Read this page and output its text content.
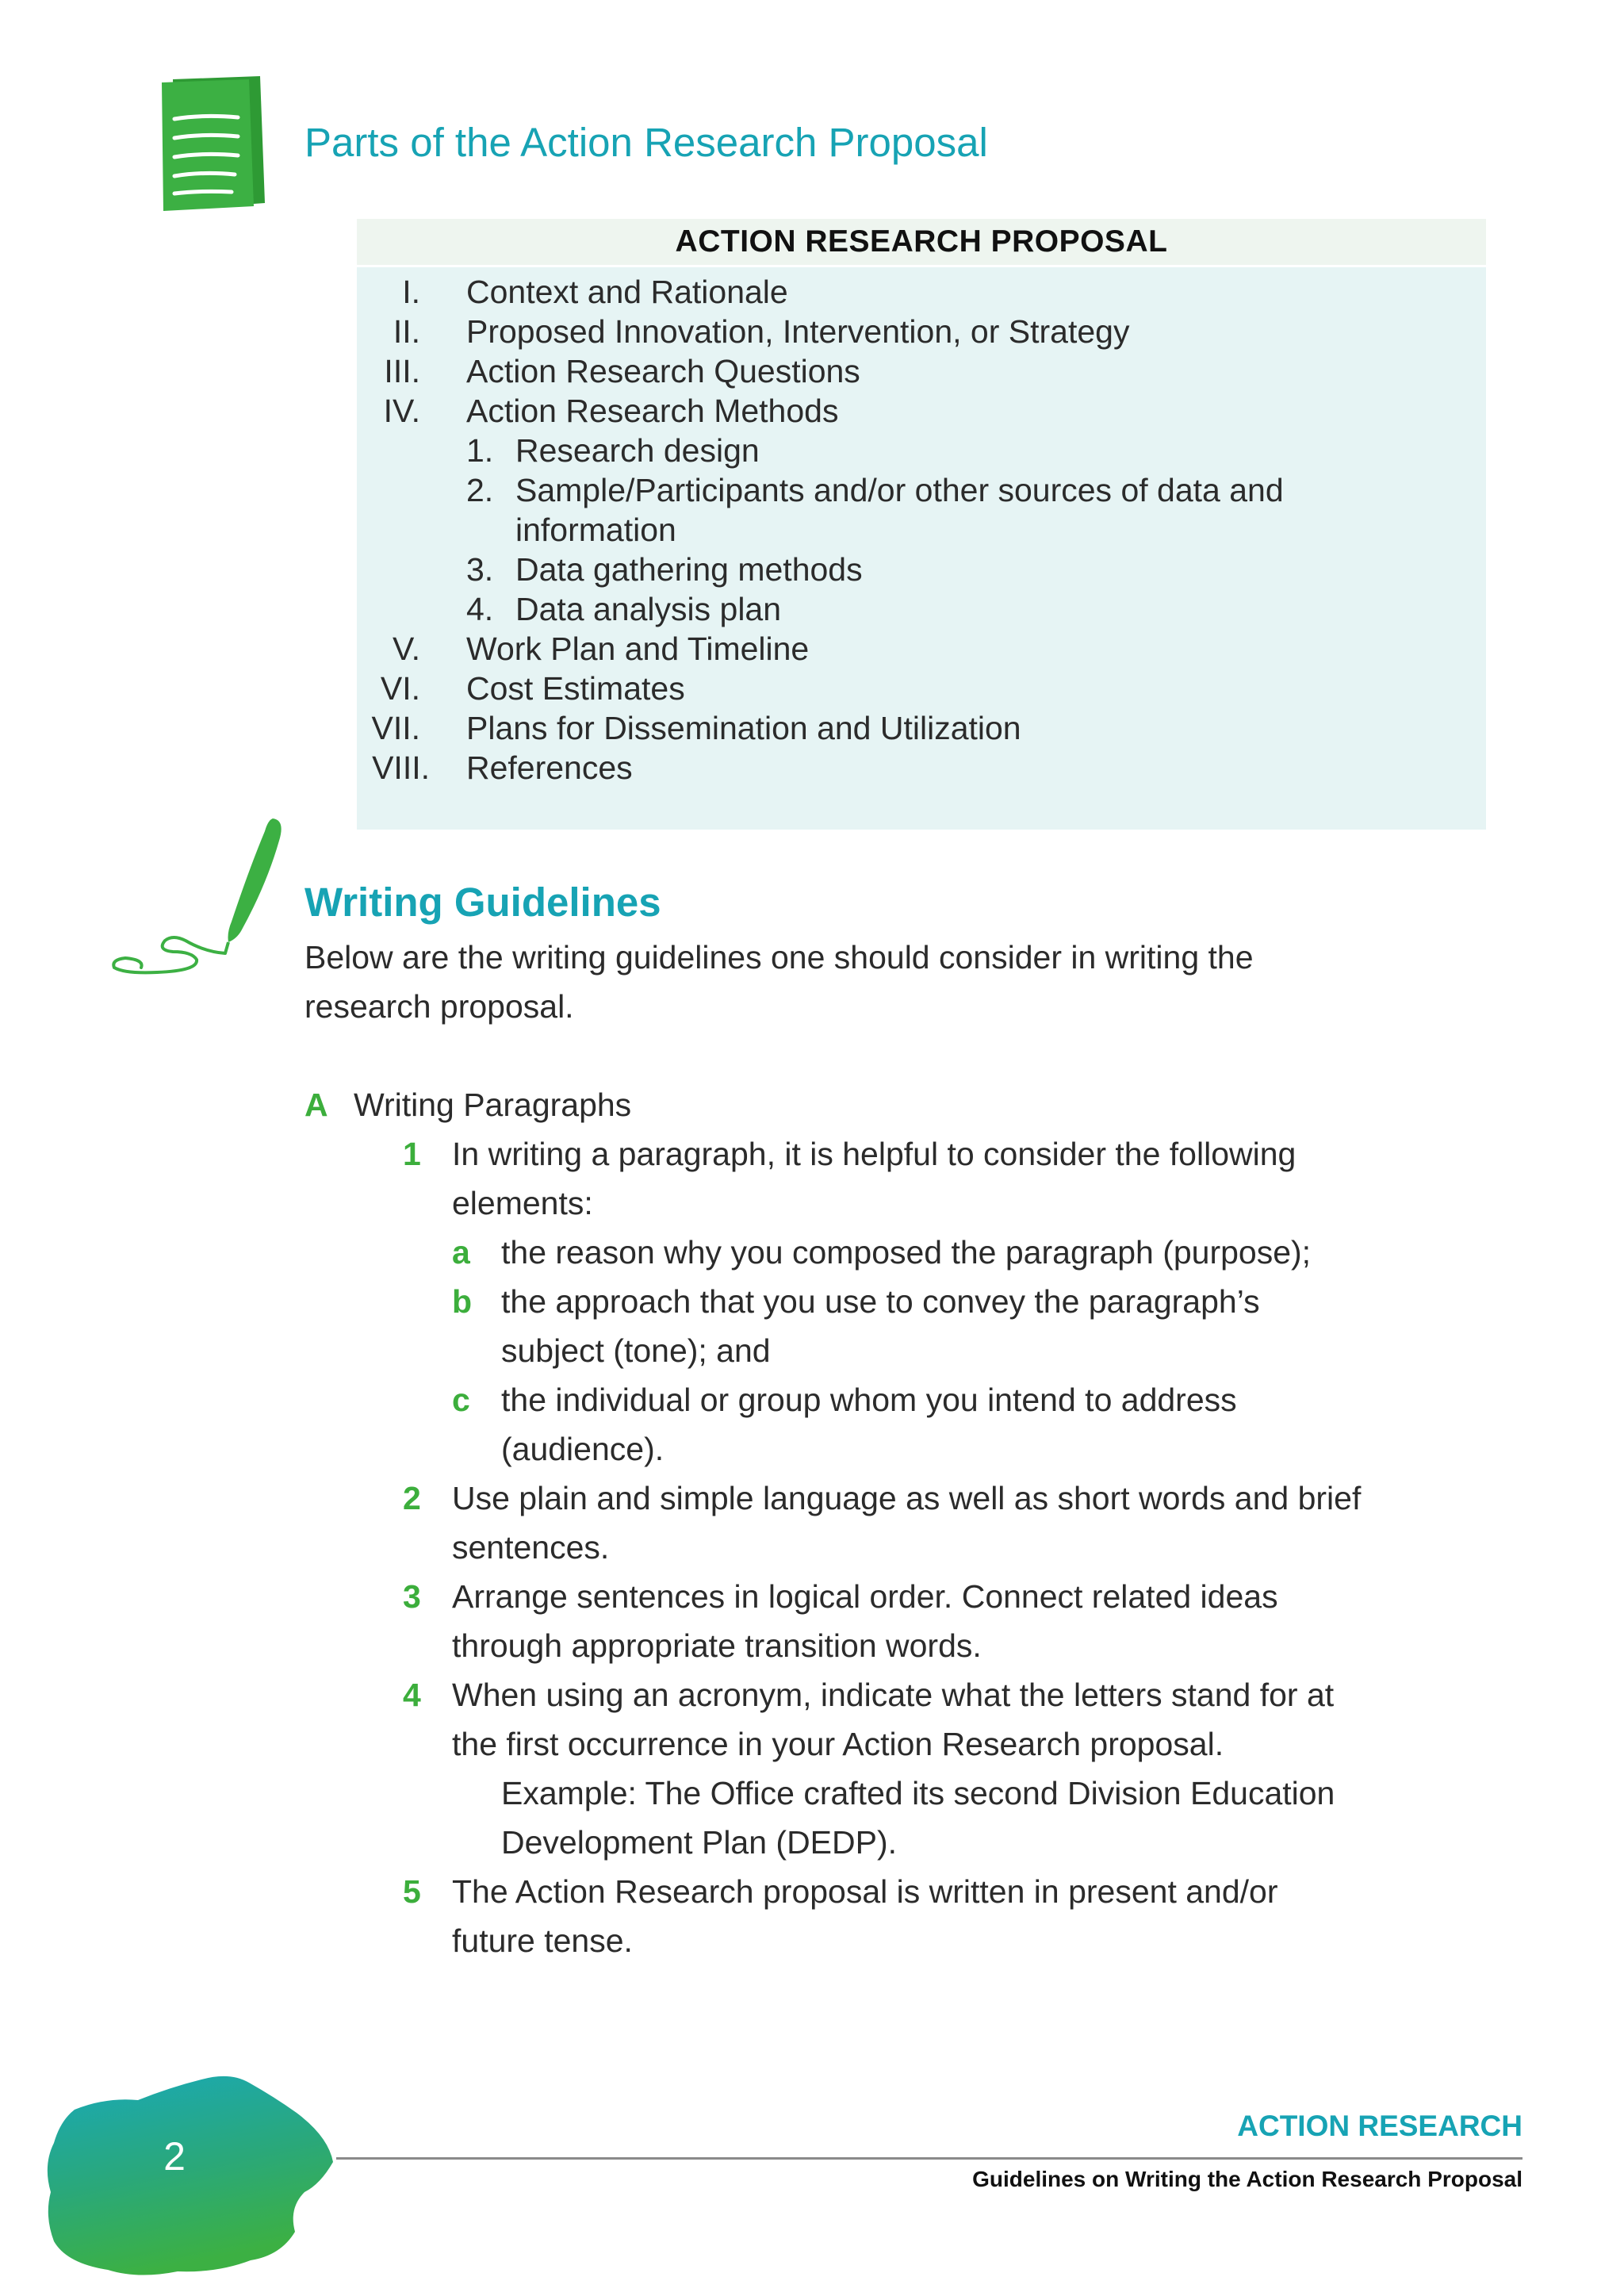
Parts of the Action Research Proposal
ACTION RESEARCH PROPOSAL
I. Context and Rationale
II. Proposed Innovation, Intervention, or Strategy
III. Action Research Questions
IV. Action Research Methods
1. Research design
2. Sample/Participants and/or other sources of data and
information
3. Data gathering methods
4. Data analysis plan
V. Work Plan and Timeline
VI. Cost Estimates
VII. Plans for Dissemination and Utilization
VIII. References
Writing Guidelines
Below are the writing guidelines one should consider in writing the
research proposal.
A Writing Paragraphs
1 In writing a paragraph, it is helpful to consider the following
elements:
a the reason why you composed the paragraph (purpose);
b the approach that you use to convey the paragraph’s
subject (tone); and
c the individual or group whom you intend to address
(audience).
2 Use plain and simple language as well as short words and brief
sentences.
3 Arrange sentences in logical order. Connect related ideas
through appropriate transition words.
4 When using an acronym, indicate what the letters stand for at
the first occurrence in your Action Research proposal.
Example: The Office crafted its second Division Education
Development Plan (DEDP).
5 The Action Research proposal is written in present and/or
future tense.
2
ACTION RESEARCH
Guidelines on Writing the Action Research Proposal
